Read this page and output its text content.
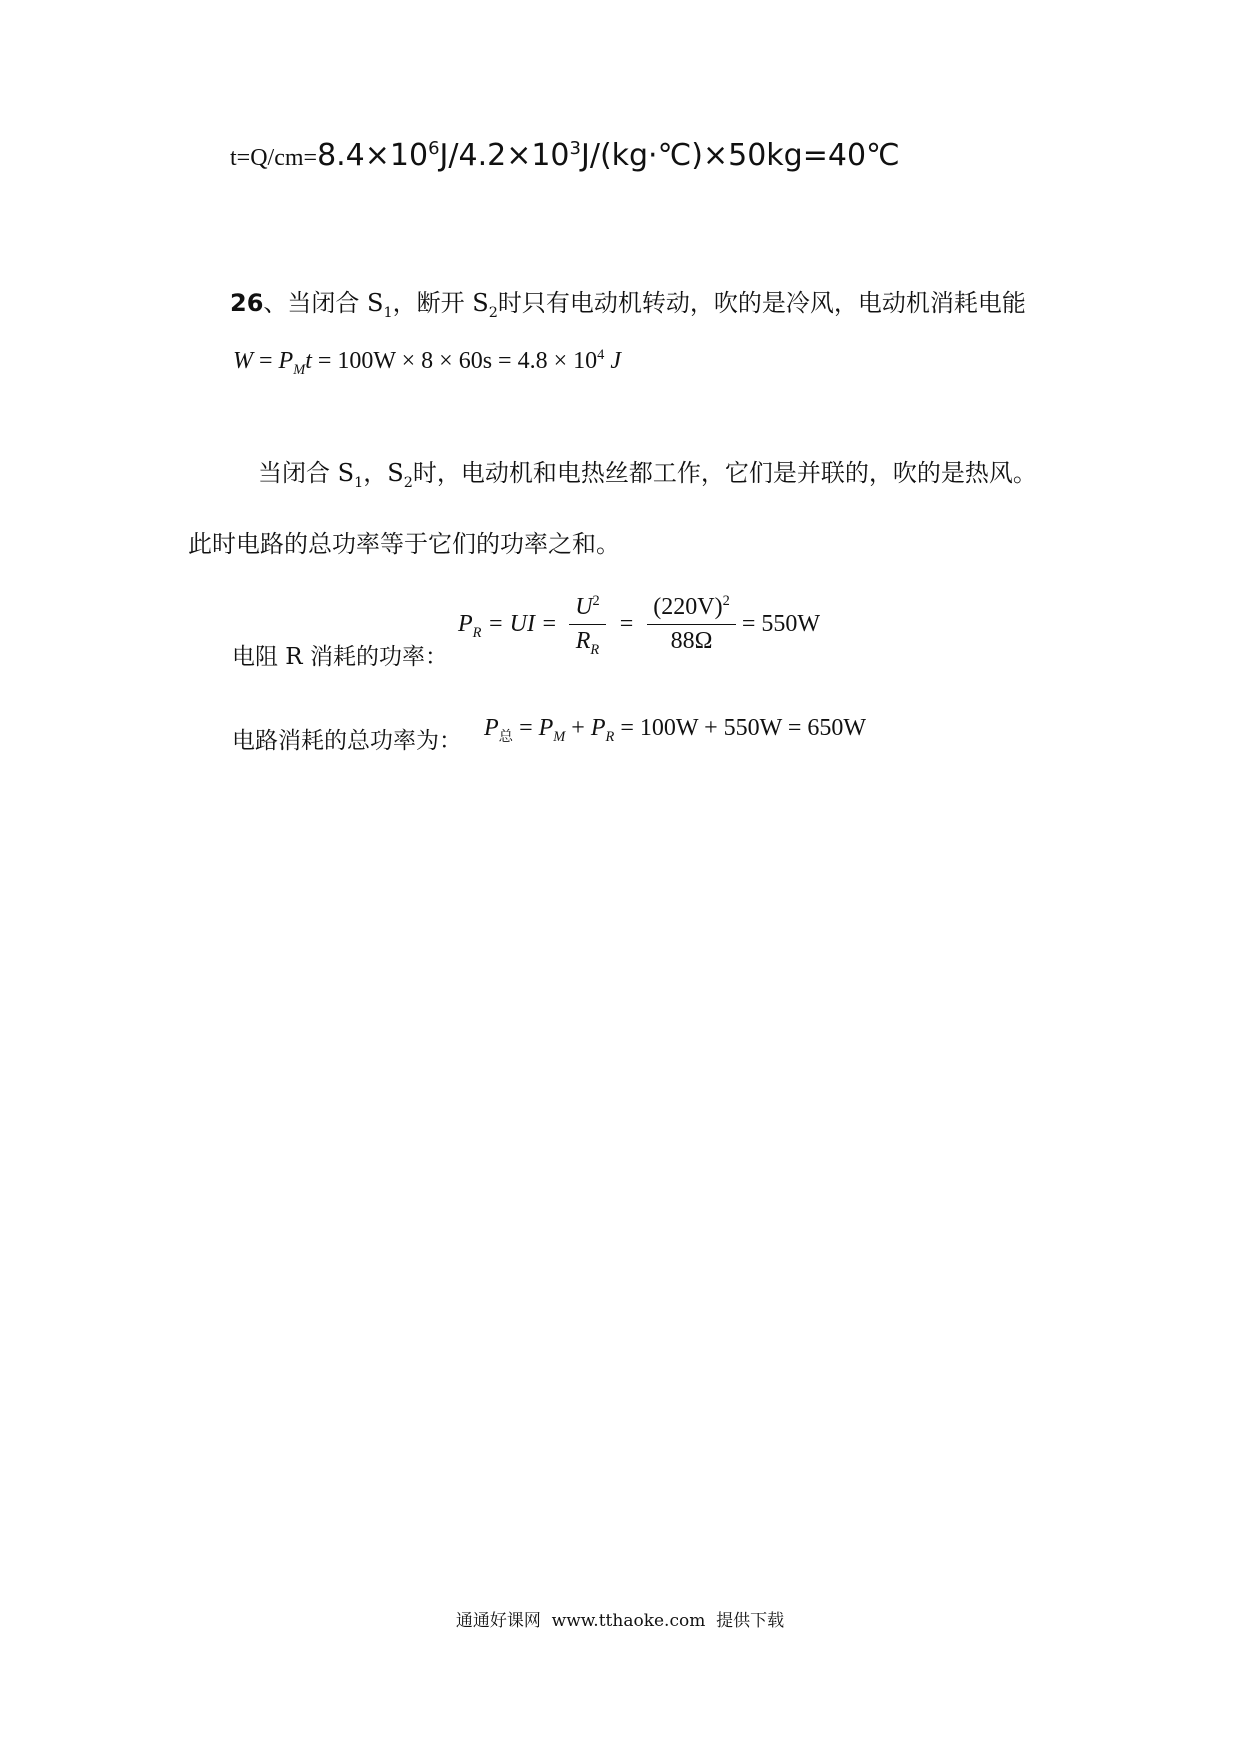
$t=Q/cm=8.4\times 10^6J/4.2\times 10^3J/(kg\cdot℃)\times 50kg=40℃$
26、当闭合 $S_1$，断开 $S_2$时只有电动机转动，吹的是冷风，电动机消耗电能
$W = P_Mt = 100W \times 8 \times 60s = 4.8 \times 10^4$ J
当闭合 $S_1$，$S_2$时，电动机和电热丝都工作，它们是并联的，吹的是热风。
此时电路的总功率等于它们的功率之和。
电阻 R 消耗的功率：
$P_R$ = UI = $\frac{U^2}{R_R} = \frac{(220V)^2}{88\Omega} = 550W$
电路消耗的总功率为： $P_总 = P_M + P_R = 100W + 550W = 650W$
通通好课网  www.tthaoke.com  提供下载
